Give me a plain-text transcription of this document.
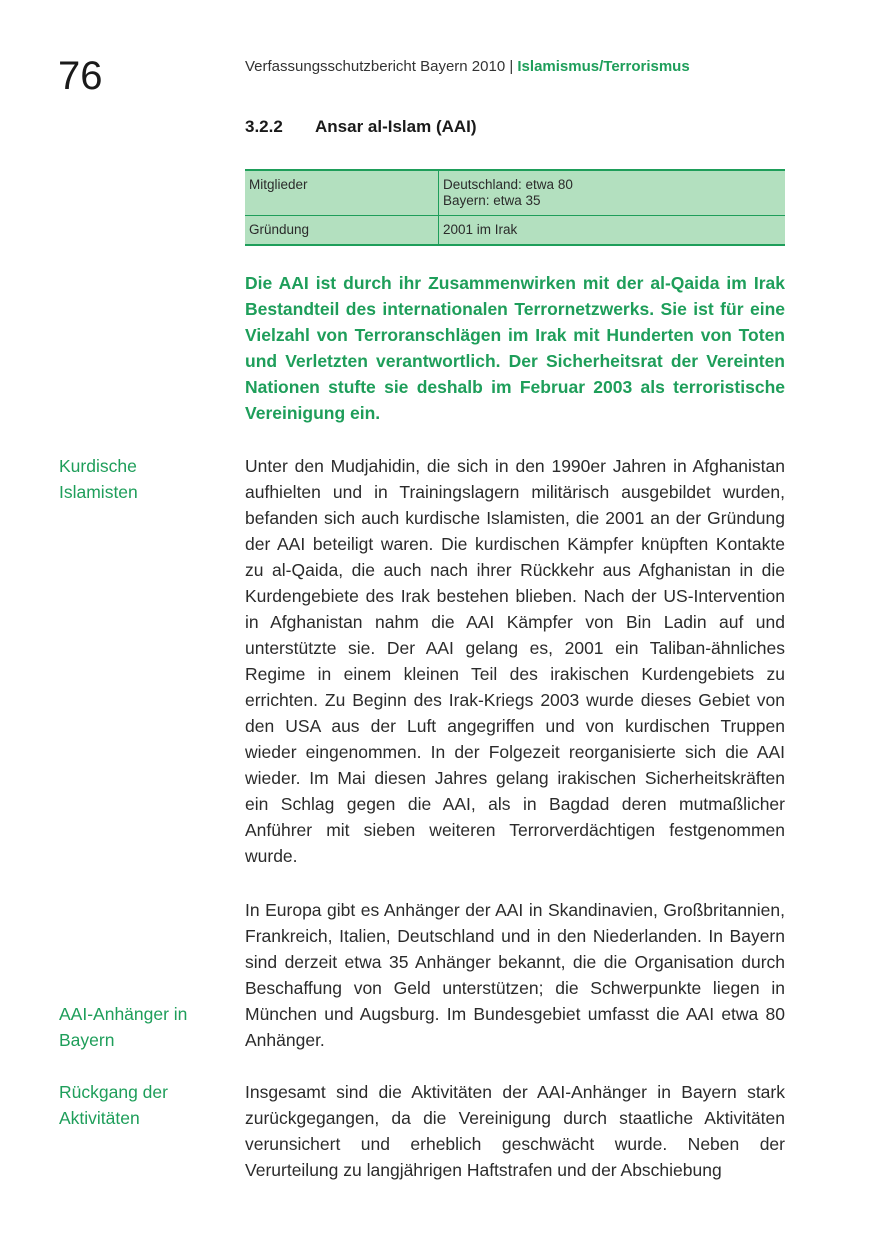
76	Verfassungsschutzbericht Bayern 2010 | Islamismus/Terrorismus
3.2.2 Ansar al-Islam (AAI)
Mitglieder	Deutschland: etwa 80
Bayern: etwa 35

Gründung	2001 im Irak
Die AAI ist durch ihr Zusammenwirken mit der al-Qaida im Irak Bestandteil des internationalen Terrornetzwerks. Sie ist für eine Vielzahl von Terroranschlägen im Irak mit Hunderten von Toten und Verletzten verantwortlich. Der Sicherheitsrat der Vereinten Nationen stufte sie deshalb im Februar 2003 als terroristische Vereinigung ein.
Kurdische
Islamisten
AAI-Anhänger in
Bayern
Rückgang der
Aktivitäten
Unter den Mudjahidin, die sich in den 1990er Jahren in Afghanistan aufhielten und in Trainingslagern militärisch ausgebildet wurden, befanden sich auch kurdische Islamisten, die 2001 an der Gründung der AAI beteiligt waren. Die kurdischen Kämpfer knüpften Kontakte zu al-Qaida, die auch nach ihrer Rückkehr aus Afghanistan in die Kurdengebiete des Irak bestehen blieben. Nach der US-Intervention in Afghanistan nahm die AAI Kämpfer von Bin Ladin auf und unterstützte sie. Der AAI gelang es, 2001 ein Taliban-ähnliches Regime in einem kleinen Teil des irakischen Kurdengebiets zu errichten. Zu Beginn des Irak-Kriegs 2003 wurde dieses Gebiet von den USA aus der Luft angegriffen und von kurdischen Truppen wieder eingenommen. In der Folgezeit reorganisierte sich die AAI wieder. Im Mai diesen Jahres gelang irakischen Sicherheitskräften ein Schlag gegen die AAI, als in Bagdad deren mutmaßlicher Anführer mit sieben weiteren Terrorverdächtigen festgenommen wurde.
In Europa gibt es Anhänger der AAI in Skandinavien, Großbritannien, Frankreich, Italien, Deutschland und in den Niederlanden. In Bayern sind derzeit etwa 35 Anhänger bekannt, die die Organisation durch Beschaffung von Geld unterstützen; die Schwerpunkte liegen in München und Augsburg. Im Bundesgebiet umfasst die AAI etwa 80 Anhänger.
Insgesamt sind die Aktivitäten der AAI-Anhänger in Bayern stark zurückgegangen, da die Vereinigung durch staatliche Aktivitäten verunsichert und erheblich geschwächt wurde. Neben der Verurteilung zu langjährigen Haftstrafen und der Abschiebung
